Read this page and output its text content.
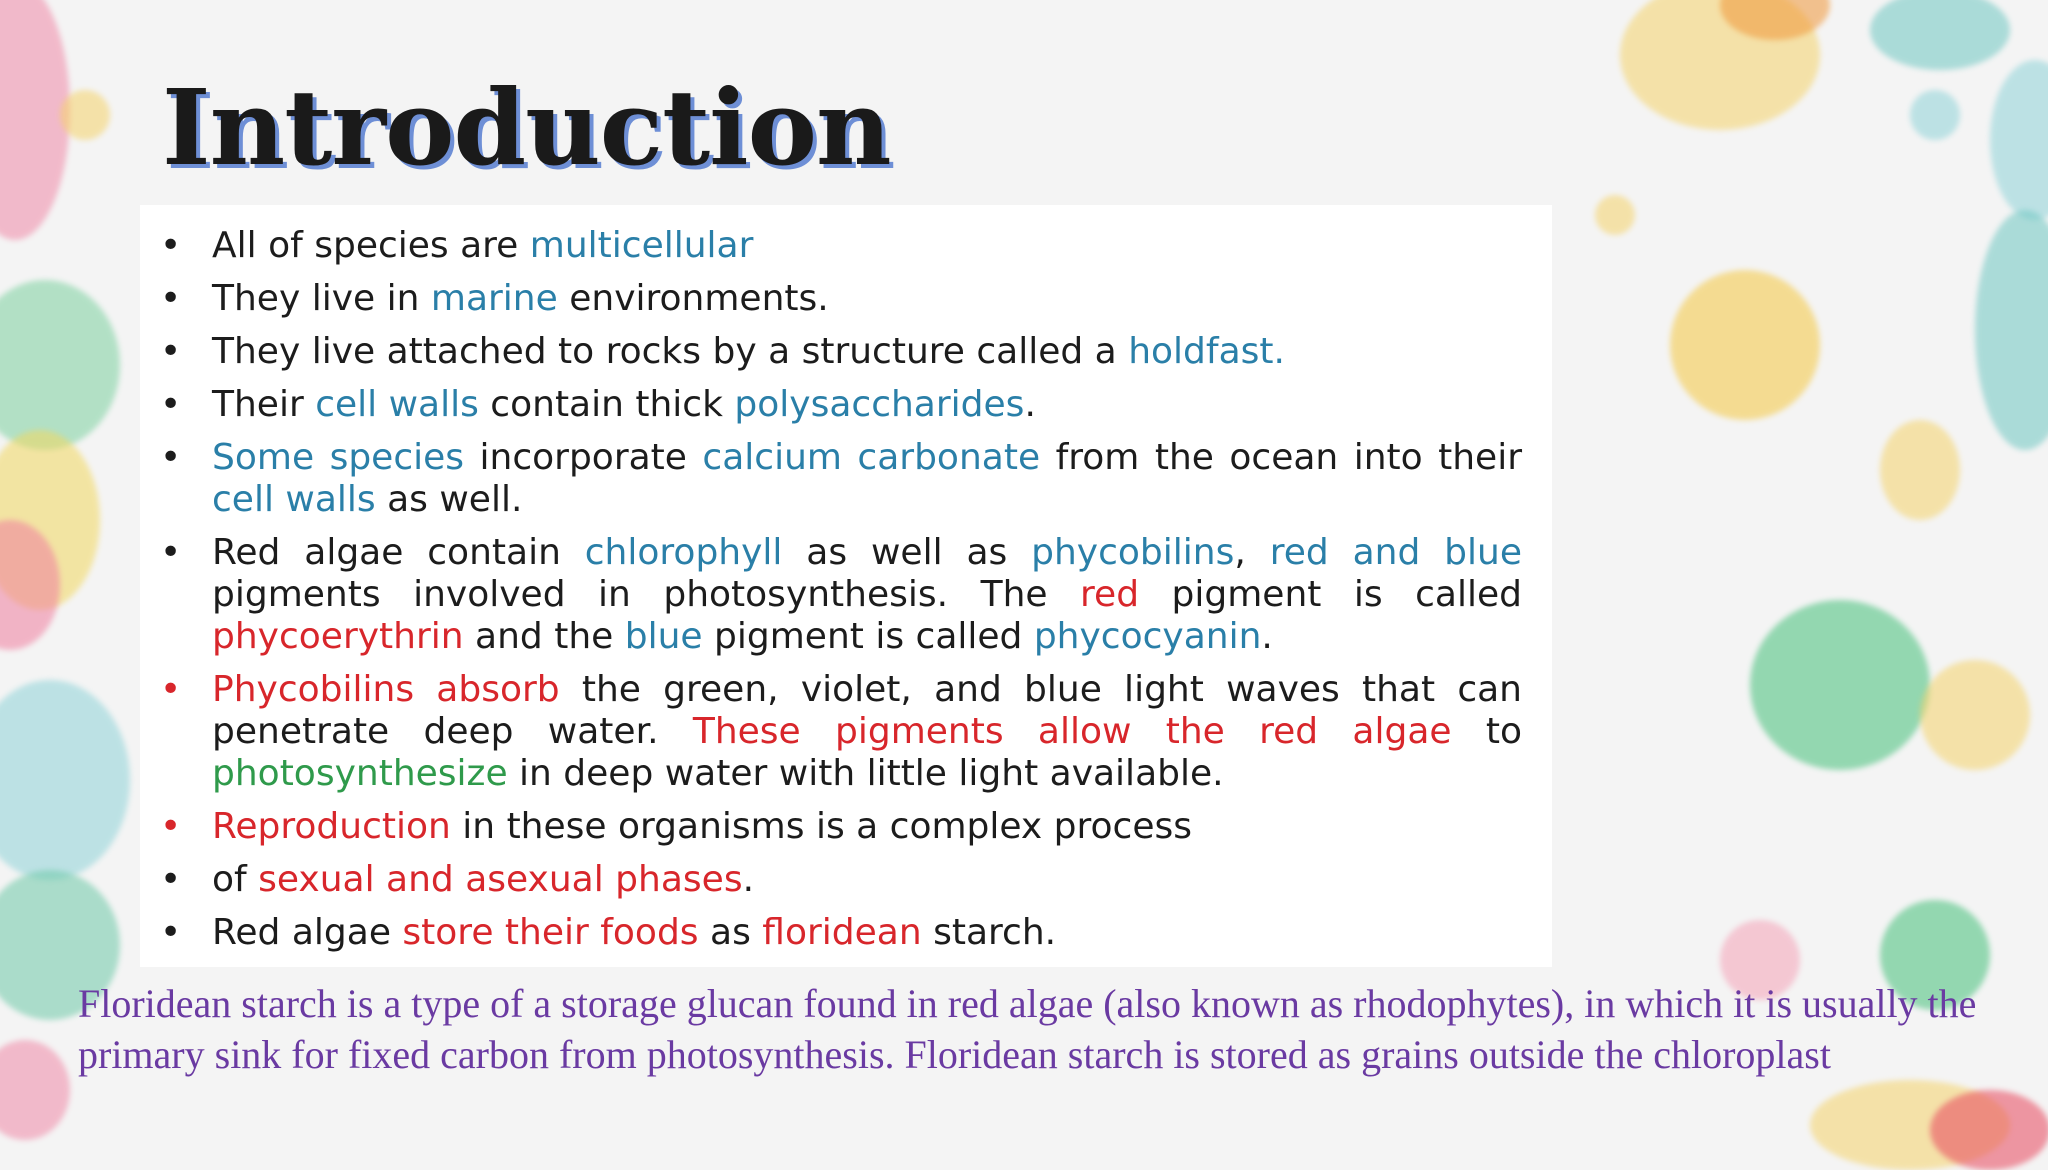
Introduction
• All of species are multicellular
• They live in marine environments.
• They live attached to rocks by a structure called a holdfast.
• Their cell walls contain thick polysaccharides.
• Some species incorporate calcium carbonate from the ocean into their cell walls as well.
• Red algae contain chlorophyll as well as phycobilins, red and blue pigments involved in photosynthesis. The red pigment is called phycoerythrin and the blue pigment is called phycocyanin.
• Phycobilins absorb the green, violet, and blue light waves that can penetrate deep water. These pigments allow the red algae to photosynthesize in deep water with little light available.
• Reproduction in these organisms is a complex process
• of sexual and asexual phases.
• Red algae store their foods as floridean starch.

Floridean starch is a type of a storage glucan found in red algae (also known as rhodophytes), in which it is usually the primary sink for fixed carbon from photosynthesis. Floridean starch is stored as grains outside the chloroplast
